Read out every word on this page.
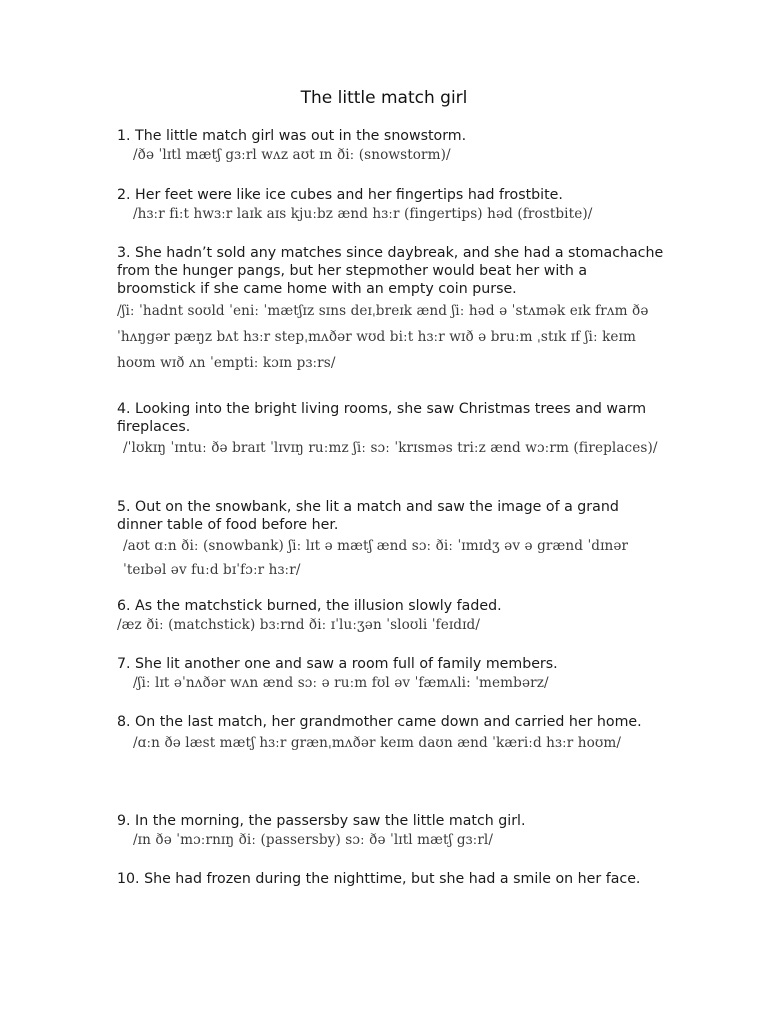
The little match girl

1. The little match girl was out in the snowstorm.

/ðə ˈlɪtl mætʃ gɜːrl wʌz aʊt ɪn ðiː (snowstorm)/

2. Her feet were like ice cubes and her fingertips had frostbite.

/hɜːr fiːt hwɜːr laɪk aɪs kjuːbz ænd hɜːr (fingertips) həd (frostbite)/

3. She hadn’t sold any matches since daybreak, and she had a stomachache from the hunger pangs, but her stepmother would beat her with a broomstick if she came home with an empty coin purse.

/ʃiː ˈhadnt soʊld ˈeniː ˈmætʃɪz sɪns deɪˌbreɪk ænd ʃiː həd ə ˈstʌmək eɪk frʌm ðə ˈhʌŋgər pæŋz bʌt hɜːr stepˌmʌðər wʊd biːt hɜːr wɪð ə bruːm ˌstɪk ɪf ʃiː keɪm hoʊm wɪð ʌn ˈemptiː kɔɪn pɜːrs/

4. Looking into the bright living rooms, she saw Christmas trees and warm fireplaces.

/ˈlʊkɪŋ ˈɪntuː ðə braɪt ˈlɪvɪŋ ruːmz ʃiː sɔː ˈkrɪsməs triːz ænd wɔːrm (fireplaces)/

5. Out on the snowbank, she lit a match and saw the image of a grand dinner table of food before her.

/aʊt ɑːn ðiː (snowbank) ʃiː lɪt ə mætʃ ænd sɔː ðiː ˈɪmɪdʒ əv ə grænd ˈdɪnər ˈteɪbəl əv fuːd bɪˈfɔːr hɜːr/

6. As the matchstick burned, the illusion slowly faded.

/æz ðiː (matchstick) bɜːrnd ðiː ɪˈluːʒən ˈsloʊli ˈfeɪdɪd/

7. She lit another one and saw a room full of family members.

/ʃiː lɪt əˈnʌðər wʌn ænd sɔː ə ruːm fʊl əv ˈfæmʌli: ˈmembərz/

8. On the last match, her grandmother came down and carried her home.

/ɑːn ðə læst mætʃ hɜːr grænˌmʌðər keɪm daʊn ænd ˈkæriːd hɜːr hoʊm/

9. In the morning, the passersby saw the little match girl.

/ɪn ðə ˈmɔːrnɪŋ ðiː (passersby) sɔː ðə ˈlɪtl mætʃ gɜːrl/

10. She had frozen during the nighttime, but she had a smile on her face.
